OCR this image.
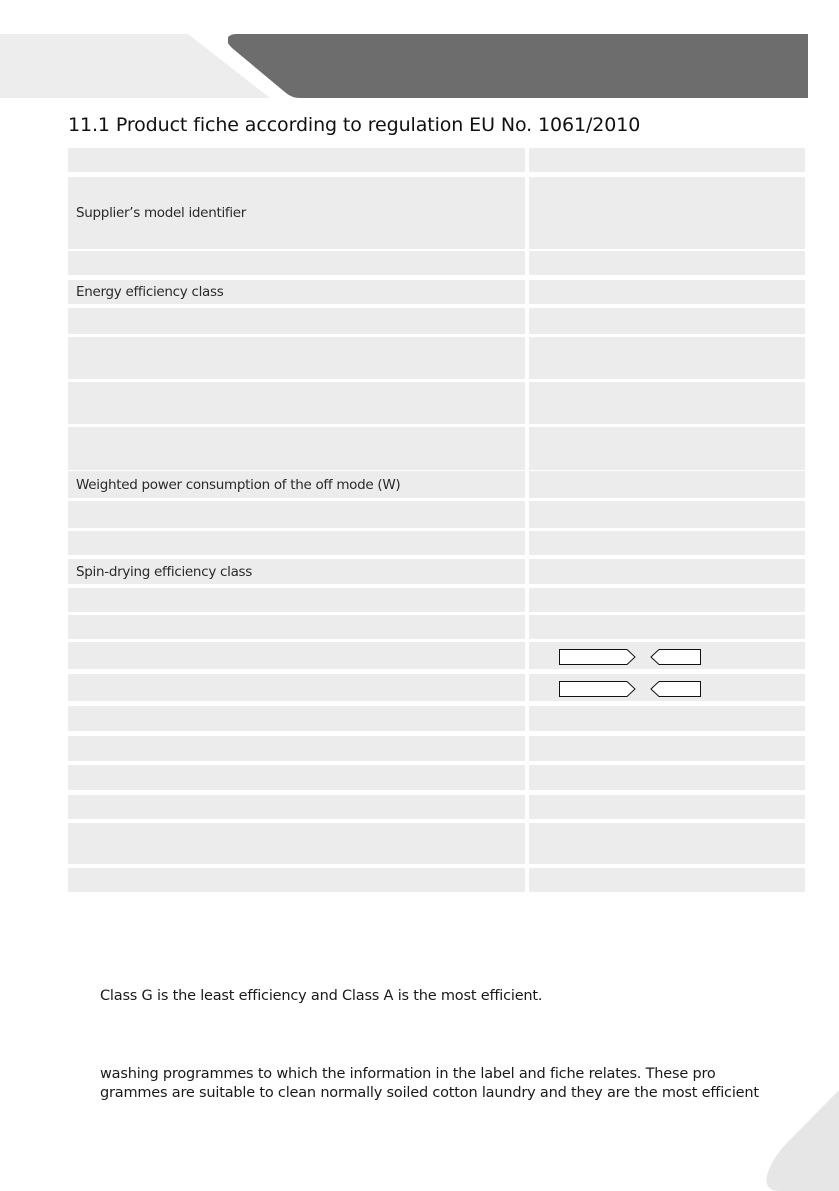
11.1 Product fiche according to regulation EU No. 1061/2010
Supplier’s model identifier
Energy efficiency class
Weighted power consumption of the off mode (W)
Spin-drying efficiency class
Class G is the least efficiency and Class A is the most efficient.
washing programmes to which the information in the label and fiche relates. These pro
grammes are suitable to clean normally soiled cotton laundry and they are the most efficient
